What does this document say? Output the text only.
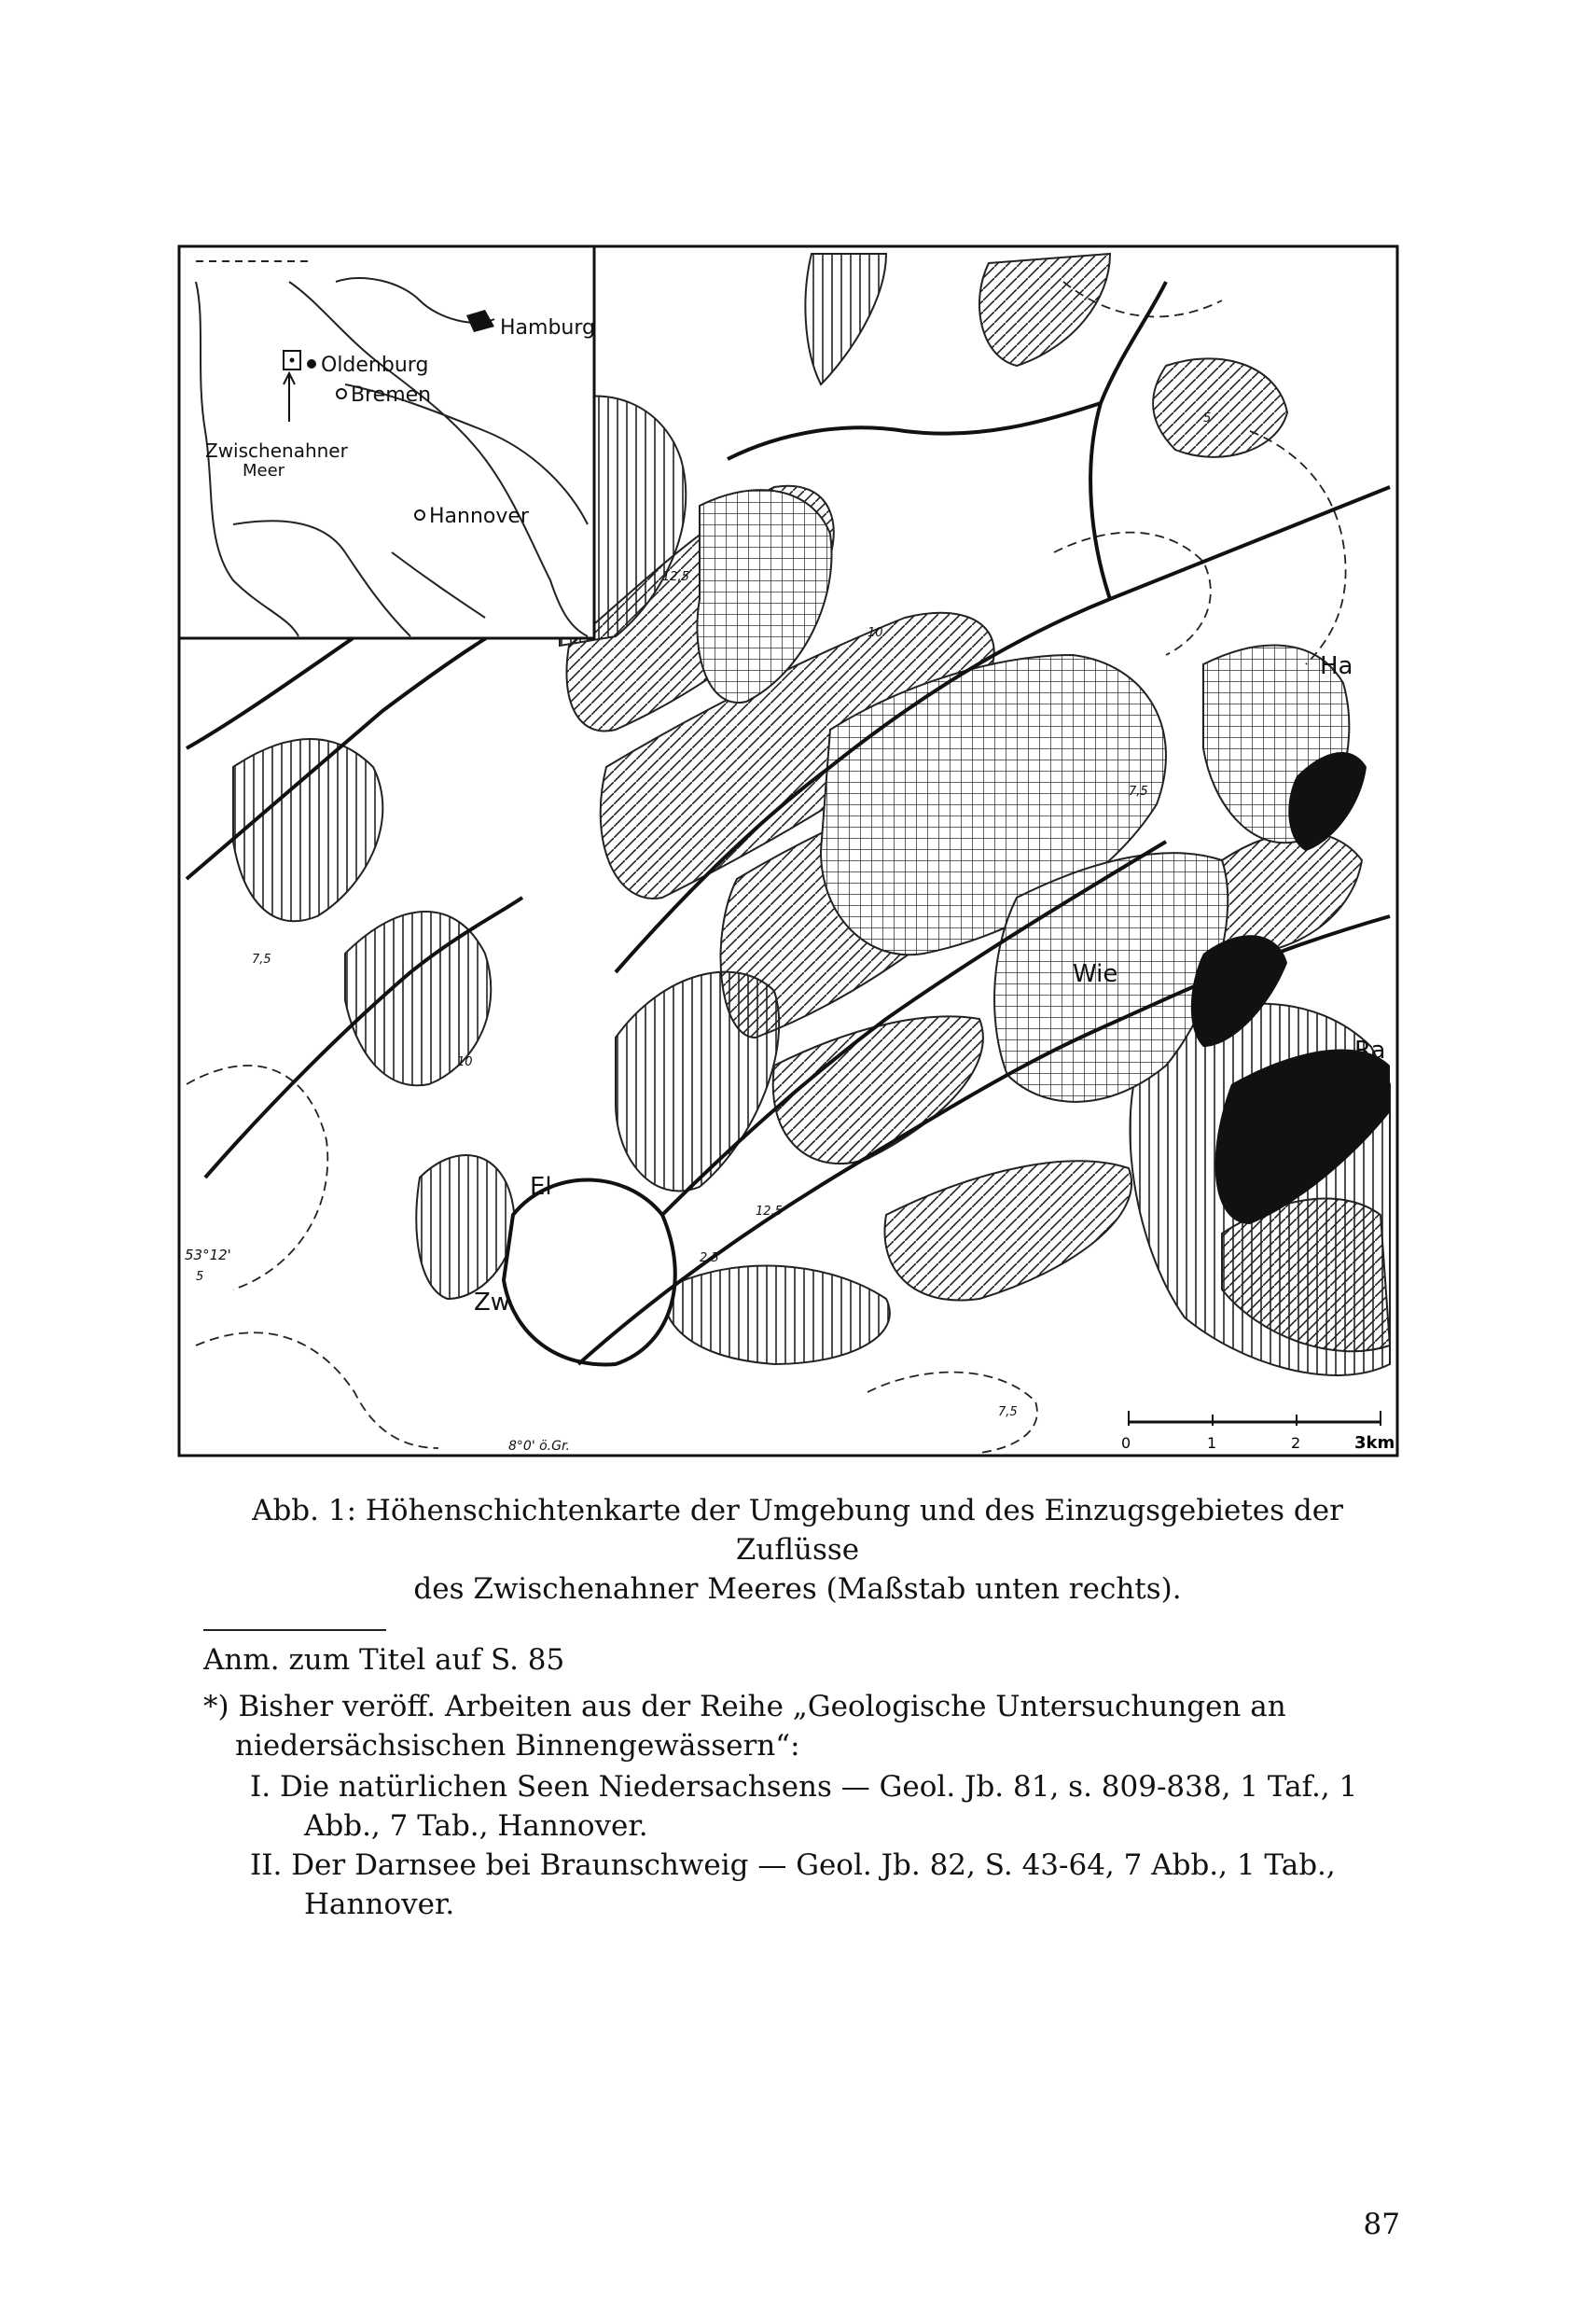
Hamburg
Oldenburg
Bremen
Hannover
Zwischenahner
Meer
Ha
Wie
Ra
El
Zw.
53°12'
8°0' ö.Gr.
7,5
10
12,5
5
7,5
10
12,5
5
2,5
7,5
0	1	2	3km
Abb. 1: Höhenschichtenkarte der Umgebung und des Einzugsgebietes der Zuflüsse
des Zwischenahner Meeres (Maßstab unten rechts).
Anm. zum Titel auf S. 85
*) Bisher veröff. Arbeiten aus der Reihe „Geologische Untersuchungen an niedersächsischen Binnengewässern“:
I. Die natürlichen Seen Niedersachsens — Geol. Jb. 81, s. 809-838, 1 Taf., 1 Abb., 7 Tab., Hannover.
II. Der Darnsee bei Braunschweig — Geol. Jb. 82, S. 43-64, 7 Abb., 1 Tab., Hannover.
87
